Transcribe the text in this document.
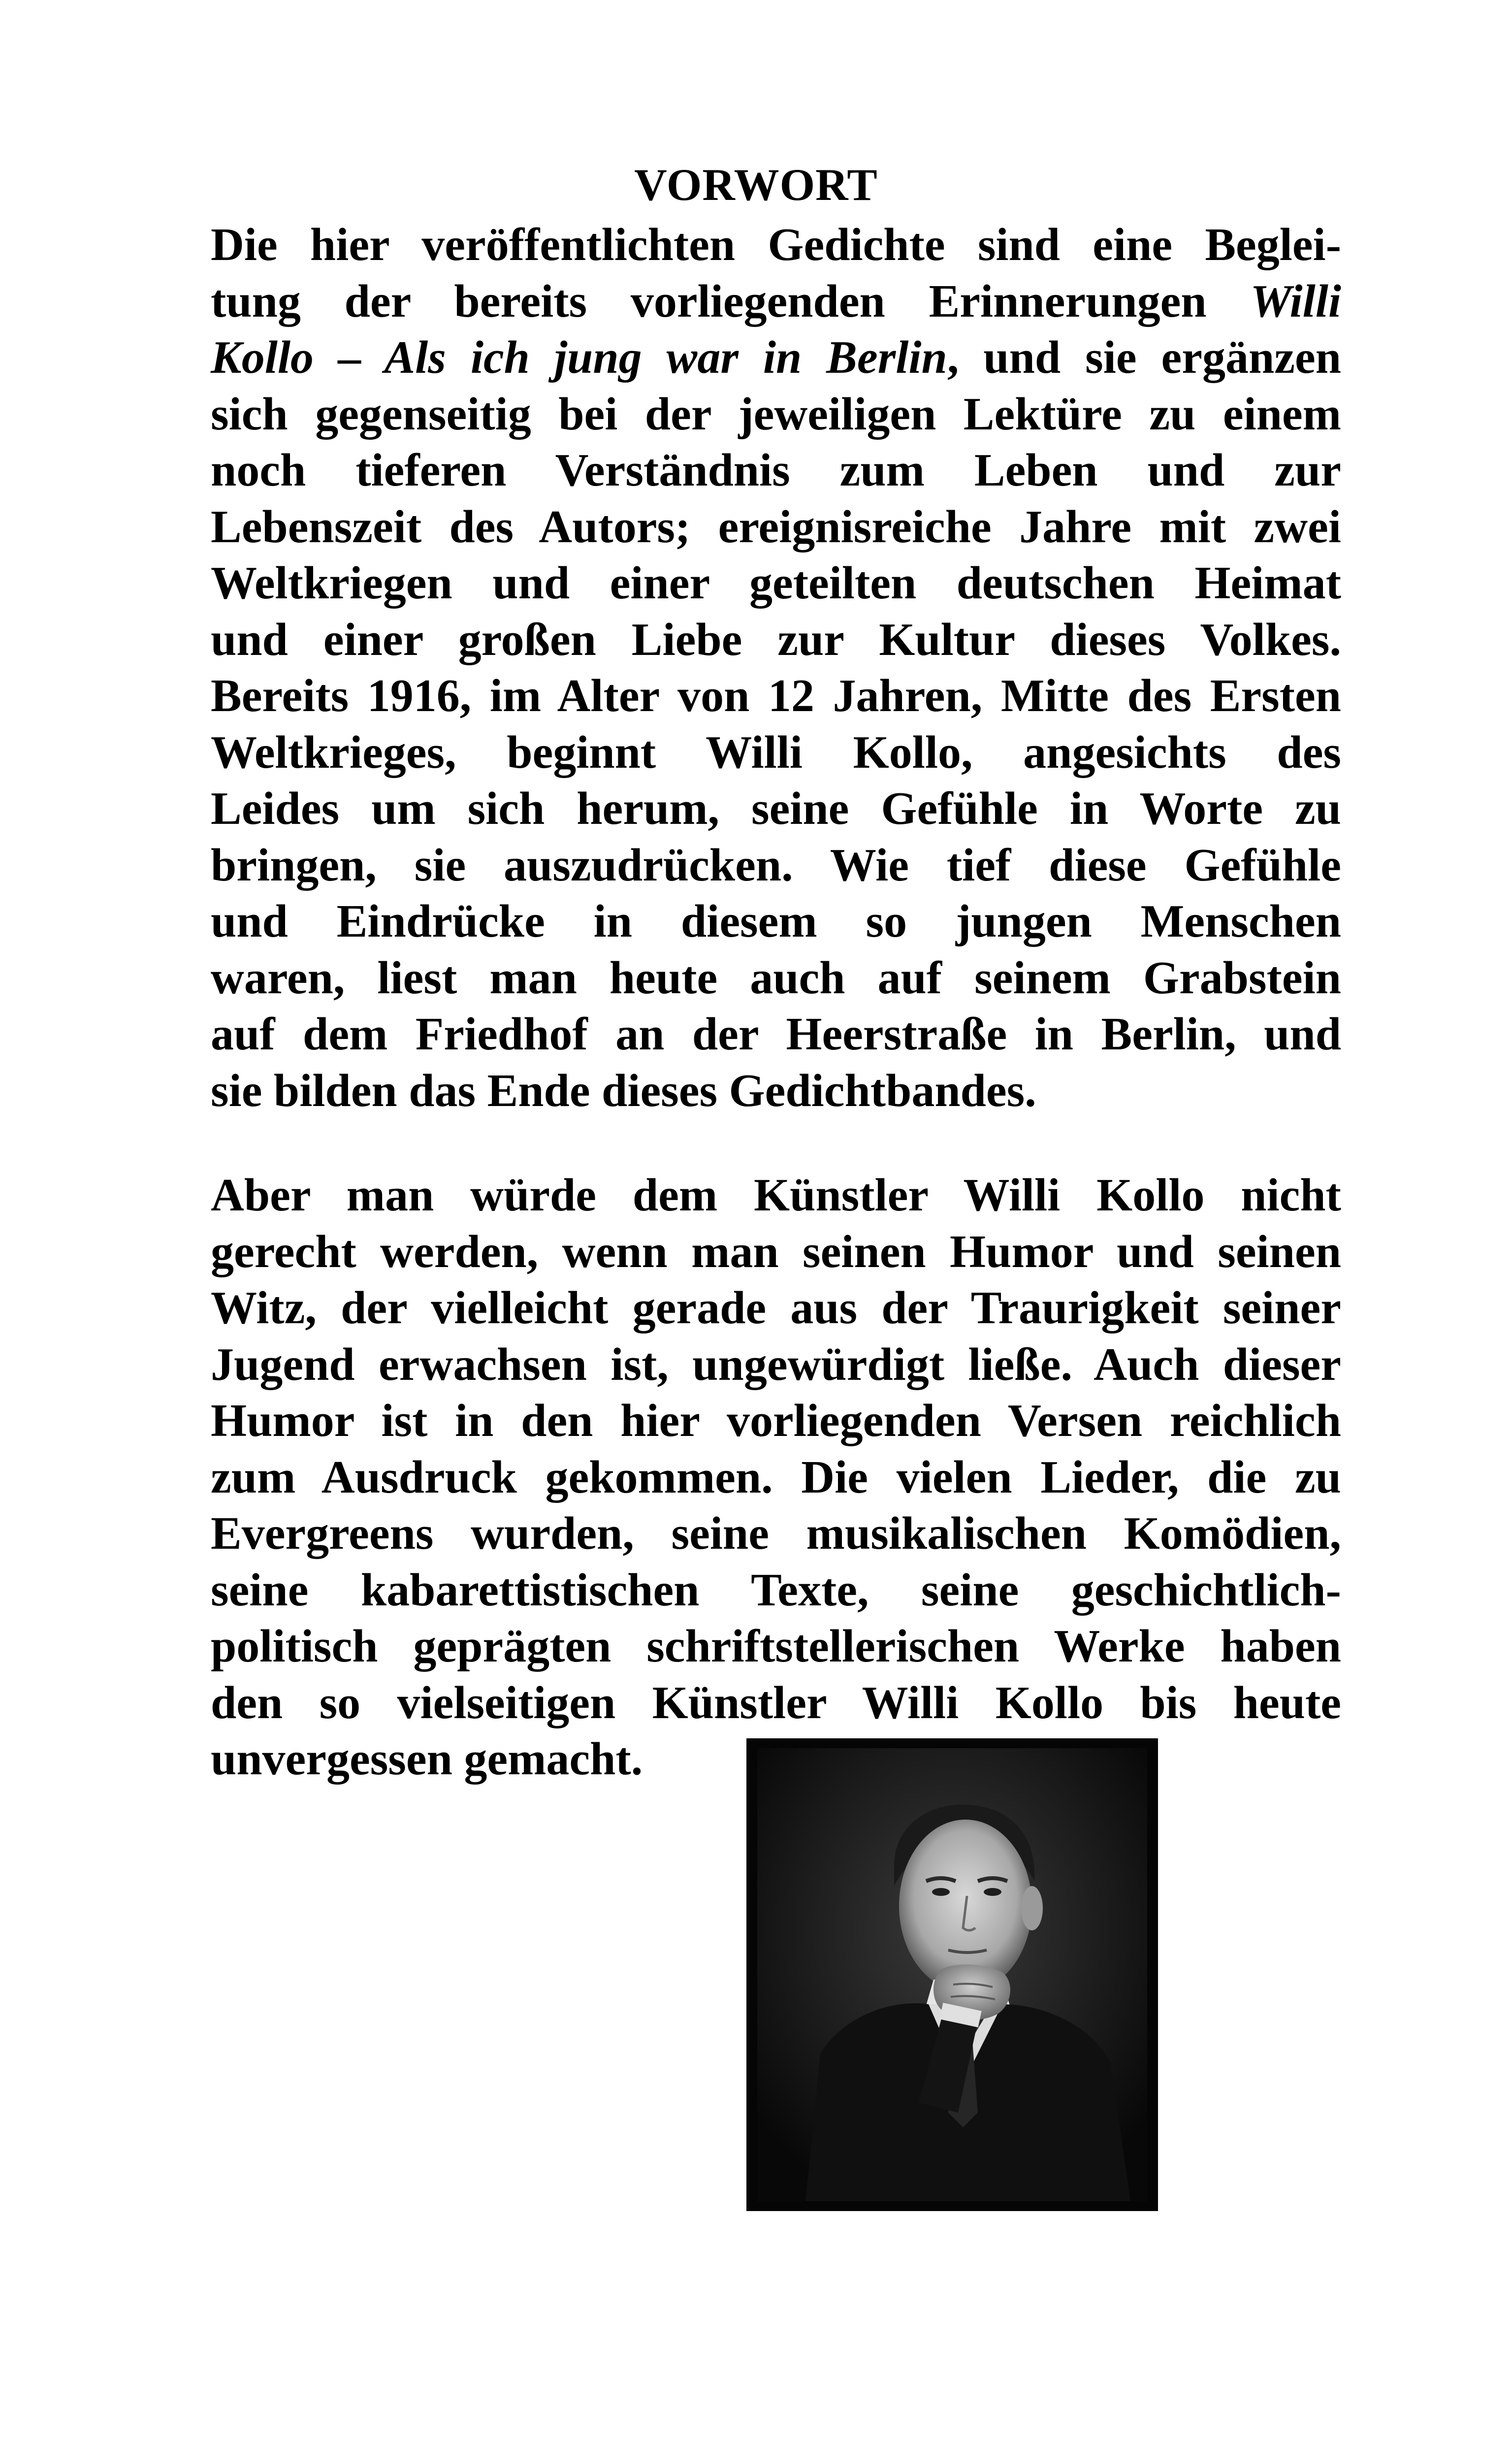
VORWORT
Die hier veröffentlichten Gedichte sind eine Beglei-
tung der bereits vorliegenden Erinnerungen Willi
Kollo – Als ich jung war in Berlin, und sie ergänzen
sich gegenseitig bei der jeweiligen Lektüre zu einem
noch tieferen Verständnis zum Leben und zur
Lebenszeit des Autors; ereignisreiche Jahre mit zwei
Weltkriegen und einer geteilten deutschen Heimat
und einer großen Liebe zur Kultur dieses Volkes.
Bereits 1916, im Alter von 12 Jahren, Mitte des Ersten
Weltkrieges, beginnt Willi Kollo, angesichts des
Leides um sich herum, seine Gefühle in Worte zu
bringen, sie auszudrücken. Wie tief diese Gefühle
und Eindrücke in diesem so jungen Menschen
waren, liest man heute auch auf seinem Grabstein
auf dem Friedhof an der Heerstraße in Berlin, und
sie bilden das Ende dieses Gedichtbandes.
Aber man würde dem Künstler Willi Kollo nicht
gerecht werden, wenn man seinen Humor und seinen
Witz, der vielleicht gerade aus der Traurigkeit seiner
Jugend erwachsen ist, ungewürdigt ließe. Auch dieser
Humor ist in den hier vorliegenden Versen reichlich
zum Ausdruck gekommen. Die vielen Lieder, die zu
Evergreens wurden, seine musikalischen Komödien,
seine kabarettistischen Texte, seine geschichtlich-
politisch geprägten schriftstellerischen Werke haben
den so vielseitigen Künstler Willi Kollo bis heute
unvergessen gemacht.
